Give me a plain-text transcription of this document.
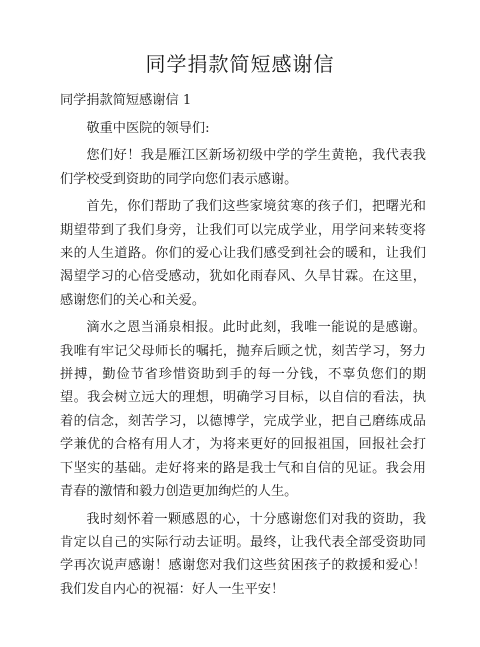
同学捐款简短感谢信
同学捐款简短感谢信 1

敬重中医院的领导们:

您们好！我是雁江区新场初级中学的学生黄艳，我代表我们学校受到资助的同学向您们表示感谢。

首先，你们帮助了我们这些家境贫寒的孩子们，把曙光和期望带到了我们身旁，让我们可以完成学业，用学问来转变将来的人生道路。你们的爱心让我们感受到社会的暖和，让我们渴望学习的心倍受感动，犹如化雨春风、久旱甘霖。在这里，感谢您们的关心和关爱。

滴水之恩当涌泉相报。此时此刻，我唯一能说的是感谢。我唯有牢记父母师长的嘱托，抛弃后顾之忧，刻苦学习，努力拼搏，勤俭节省珍惜资助到手的每一分钱，不辜负您们的期望。我会树立远大的理想，明确学习目标，以自信的看法，执着的信念，刻苦学习，以德博学，完成学业，把自己磨练成品学兼优的合格有用人才，为将来更好的回报祖国，回报社会打下坚实的基础。走好将来的路是我士气和自信的见证。我会用青春的激情和毅力创造更加绚烂的人生。

我时刻怀着一颗感恩的心，十分感谢您们对我的资助，我肯定以自己的实际行动去证明。最终，让我代表全部受资助同学再次说声感谢！感谢您对我们这些贫困孩子的救援和爱心！我们发自内心的祝福：好人一生平安！
